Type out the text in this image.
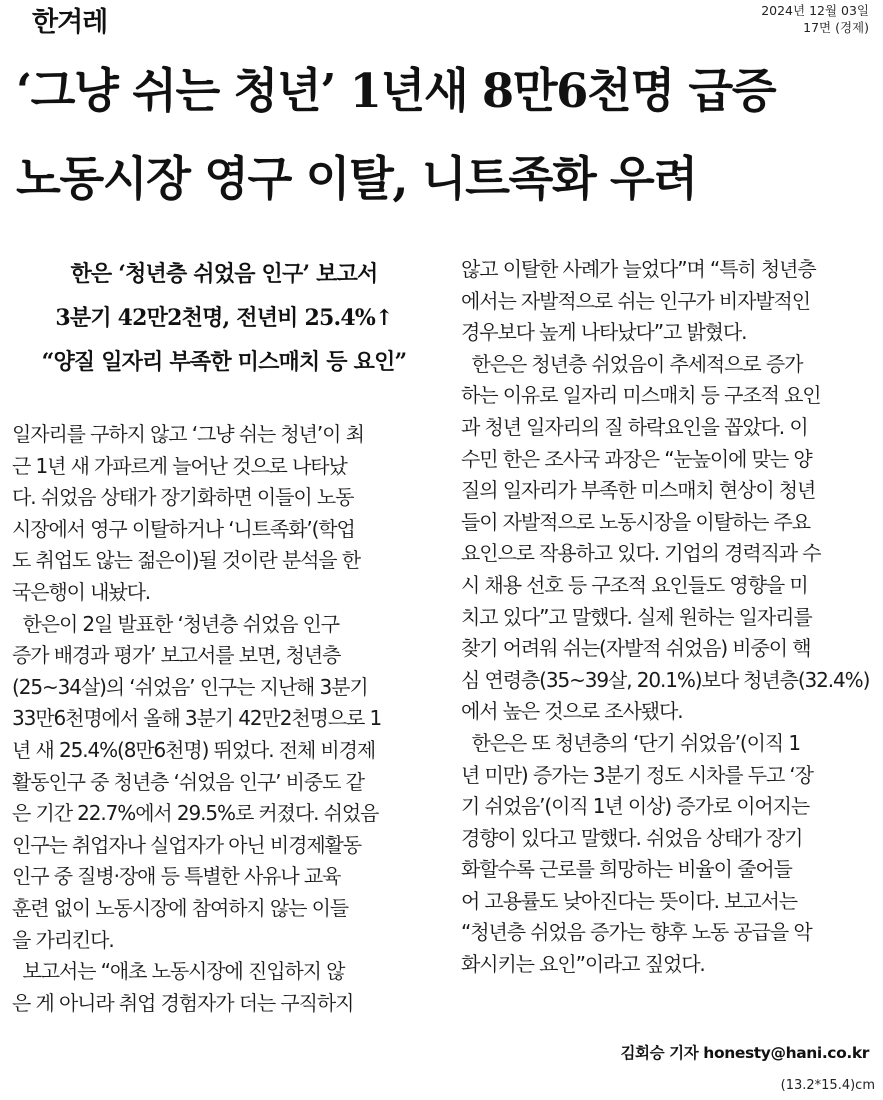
한겨레	2024년 12월 03일
17면 (경제)
‘그냥 쉬는 청년’ 1년새 8만6천명 급증
노동시장 영구 이탈, 니트족화 우려
한은 ‘청년층 쉬었음 인구’ 보고서
3분기 42만2천명, 전년비 25.4%↑
“양질 일자리 부족한 미스매치 등 요인”
일자리를 구하지 않고 ‘그냥 쉬는 청년’이 최
근 1년 새 가파르게 늘어난 것으로 나타났
다. 쉬었음 상태가 장기화하면 이들이 노동
시장에서 영구 이탈하거나 ‘니트족화’(학업
도 취업도 않는 젊은이)될 것이란 분석을 한
국은행이 내놨다.
한은이 2일 발표한 ‘청년층 쉬었음 인구
증가 배경과 평가’ 보고서를 보면, 청년층
(25~34살)의 ‘쉬었음’ 인구는 지난해 3분기
33만6천명에서 올해 3분기 42만2천명으로 1
년 새 25.4%(8만6천명) 뛰었다. 전체 비경제
활동인구 중 청년층 ‘쉬었음 인구’ 비중도 같
은 기간 22.7%에서 29.5%로 커졌다. 쉬었음
인구는 취업자나 실업자가 아닌 비경제활동
인구 중 질병·장애 등 특별한 사유나 교육
훈련 없이 노동시장에 참여하지 않는 이들
을 가리킨다.
보고서는 “애초 노동시장에 진입하지 않
은 게 아니라 취업 경험자가 더는 구직하지
않고 이탈한 사례가 늘었다”며 “특히 청년층
에서는 자발적으로 쉬는 인구가 비자발적인
경우보다 높게 나타났다”고 밝혔다.
한은은 청년층 쉬었음이 추세적으로 증가
하는 이유로 일자리 미스매치 등 구조적 요인
과 청년 일자리의 질 하락요인을 꼽았다. 이
수민 한은 조사국 과장은 “눈높이에 맞는 양
질의 일자리가 부족한 미스매치 현상이 청년
들이 자발적으로 노동시장을 이탈하는 주요
요인으로 작용하고 있다. 기업의 경력직과 수
시 채용 선호 등 구조적 요인들도 영향을 미
치고 있다”고 말했다. 실제 원하는 일자리를
찾기 어려워 쉬는(자발적 쉬었음) 비중이 핵
심 연령층(35~39살, 20.1%)보다 청년층(32.4%)
에서 높은 것으로 조사됐다.
한은은 또 청년층의 ‘단기 쉬었음’(이직 1
년 미만) 증가는 3분기 정도 시차를 두고 ‘장
기 쉬었음’(이직 1년 이상) 증가로 이어지는
경향이 있다고 말했다. 쉬었음 상태가 장기
화할수록 근로를 희망하는 비율이 줄어들
어 고용률도 낮아진다는 뜻이다. 보고서는
“청년층 쉬었음 증가는 향후 노동 공급을 악
화시키는 요인”이라고 짚었다.
김회승 기자 honesty@hani.co.kr
(13.2*15.4)cm
